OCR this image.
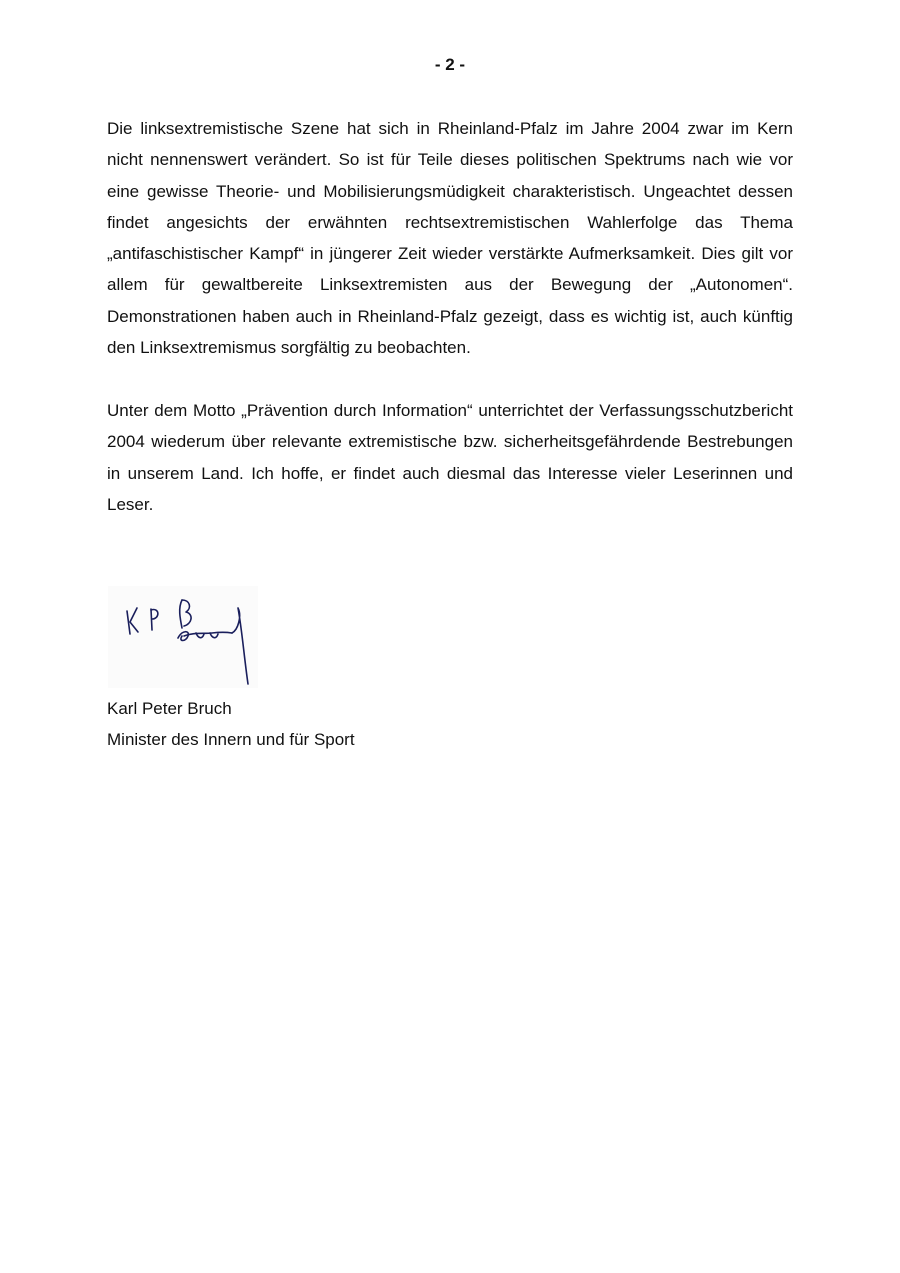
- 2 -

Die linksextremistische Szene hat sich in Rheinland-Pfalz im Jahre 2004 zwar im Kern nicht nennenswert verändert. So ist für Teile dieses politischen Spektrums nach wie vor eine gewisse Theorie- und Mobilisierungsmüdigkeit charakteristisch. Ungeachtet dessen findet angesichts der erwähnten rechtsextremistischen Wahlerfolge das Thema „antifaschistischer Kampf“ in jüngerer Zeit wieder verstärkte Aufmerksamkeit. Dies gilt vor allem für gewaltbereite Linksextremisten aus der Bewegung der „Autonomen“. Demonstrationen haben auch in Rheinland-Pfalz gezeigt, dass es wichtig ist, auch künftig den Linksextremismus sorgfältig zu beobachten.

Unter dem Motto „Prävention durch Information“ unterrichtet der Verfassungsschutzbericht 2004 wiederum über relevante extremistische bzw. sicherheitsgefährdende Bestrebungen in unserem Land. Ich hoffe, er findet auch diesmal das Interesse vieler Leserinnen und Leser.

Karl Peter Bruch

Minister des Innern und für Sport
